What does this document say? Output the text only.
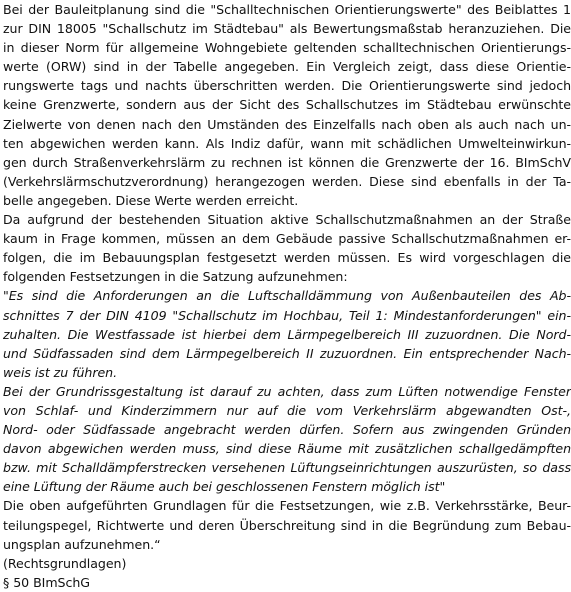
Bei der Bauleitplanung sind die "Schalltechnischen Orientierungswerte" des Beiblattes 1
zur DIN 18005 "Schallschutz im Städtebau" als Bewertungsmaßstab heranzuziehen. Die
in dieser Norm für allgemeine Wohngebiete geltenden schalltechnischen Orientierungs-
werte (ORW) sind in der Tabelle angegeben. Ein Vergleich zeigt, dass diese Orientie-
rungswerte tags und nachts überschritten werden. Die Orientierungswerte sind jedoch
keine Grenzwerte, sondern aus der Sicht des Schallschutzes im Städtebau erwünschte
Zielwerte von denen nach den Umständen des Einzelfalls nach oben als auch nach un-
ten abgewichen werden kann. Als Indiz dafür, wann mit schädlichen Umwelteinwirkun-
gen durch Straßenverkehrslärm zu rechnen ist können die Grenzwerte der 16. BImSchV
(Verkehrslärmschutzverordnung) herangezogen werden. Diese sind ebenfalls in der Ta-
belle angegeben. Diese Werte werden erreicht.
Da aufgrund der bestehenden Situation aktive Schallschutzmaßnahmen an der Straße
kaum in Frage kommen, müssen an dem Gebäude passive Schallschutzmaßnahmen er-
folgen, die im Bebauungsplan festgesetzt werden müssen. Es wird vorgeschlagen die
folgenden Festsetzungen in die Satzung aufzunehmen:
"Es sind die Anforderungen an die Luftschalldämmung von Außenbauteilen des Ab-
schnittes 7 der DIN 4109 "Schallschutz im Hochbau, Teil 1: Mindestanforderungen" ein-
zuhalten. Die Westfassade ist hierbei dem Lärmpegelbereich III zuzuordnen. Die Nord-
und Südfassaden sind dem Lärmpegelbereich II zuzuordnen. Ein entsprechender Nach-
weis ist zu führen.
Bei der Grundrissgestaltung ist darauf zu achten, dass zum Lüften notwendige Fenster
von Schlaf- und Kinderzimmern nur auf die vom Verkehrslärm abgewandten Ost-,
Nord- oder Südfassade angebracht werden dürfen. Sofern aus zwingenden Gründen
davon abgewichen werden muss, sind diese Räume mit zusätzlichen schallgedämpften
bzw. mit Schalldämpferstrecken versehenen Lüftungseinrichtungen auszurüsten, so dass
eine Lüftung der Räume auch bei geschlossenen Fenstern möglich ist"
Die oben aufgeführten Grundlagen für die Festsetzungen, wie z.B. Verkehrsstärke, Beur-
teilungspegel, Richtwerte und deren Überschreitung sind in die Begründung zum Bebau-
ungsplan aufzunehmen.“
(Rechtsgrundlagen)
§ 50 BImSchG
